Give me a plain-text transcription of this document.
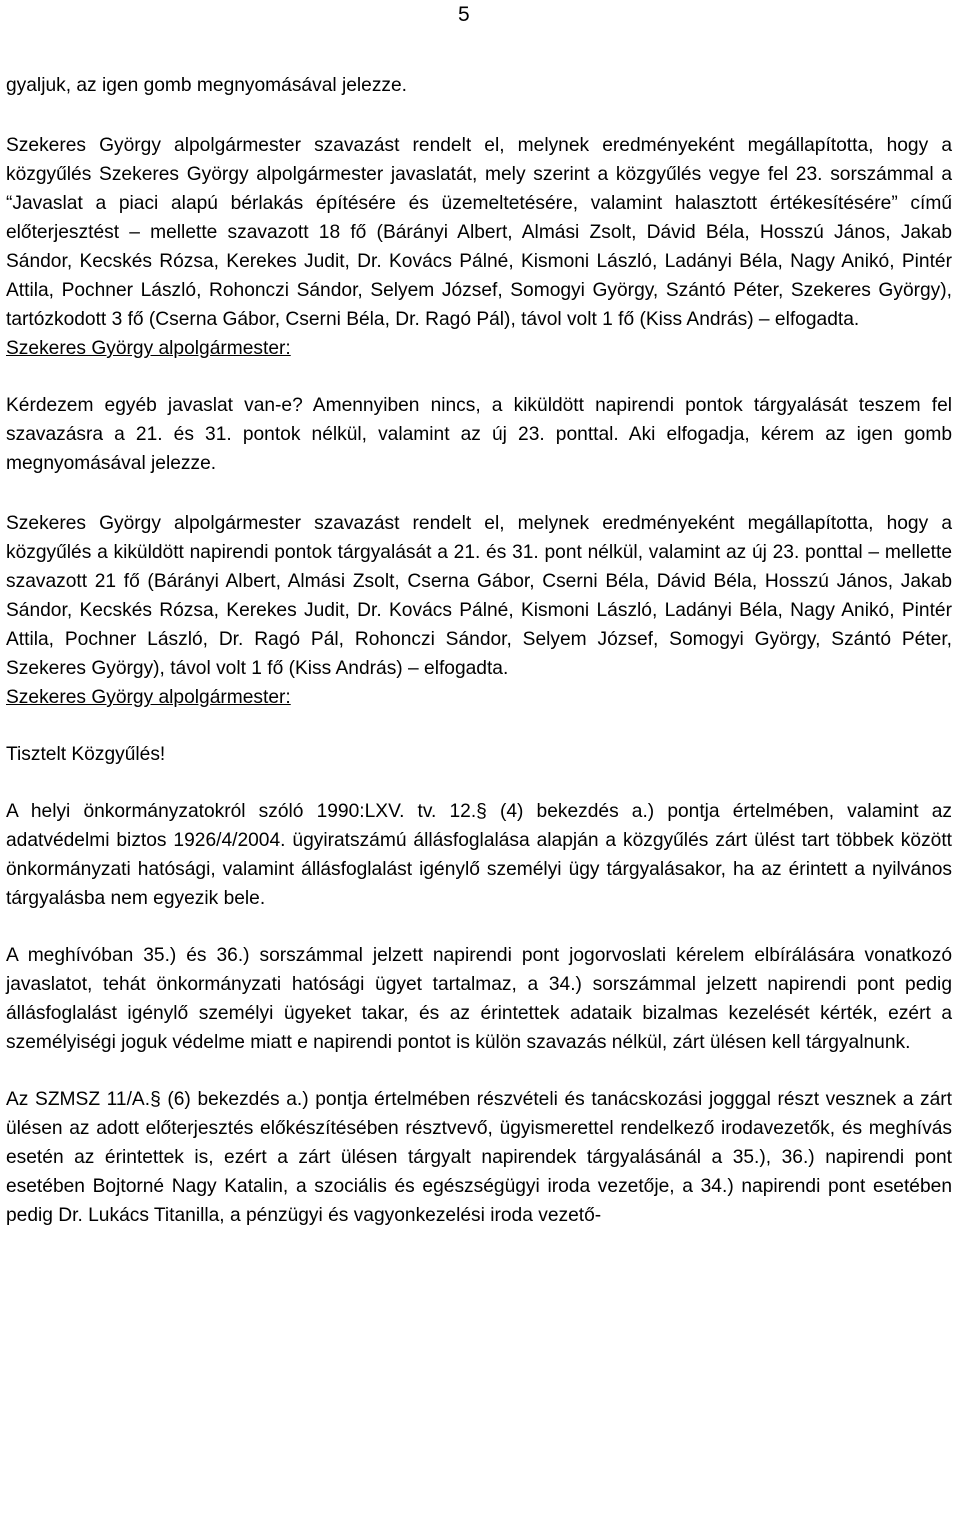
5

gyaljuk, az igen gomb megnyomásával jelezze.

Szekeres György alpolgármester szavazást rendelt el, melynek eredményeként megállapította, hogy a közgyűlés Szekeres György alpolgármester javaslatát, mely szerint a közgyűlés vegye fel 23. sorszámmal a “Javaslat a piaci alapú bérlakás építésére és üzemeltetésére, valamint halasztott értékesítésére” című előterjesztést – mellette szavazott 18 fő (Bárányi Albert, Almási Zsolt, Dávid Béla, Hosszú János, Jakab Sándor, Kecskés Rózsa, Kerekes Judit, Dr. Kovács Pálné, Kismoni László, Ladányi Béla, Nagy Anikó, Pintér Attila, Pochner László, Rohonczi Sándor, Selyem József, Somogyi György, Szántó Péter, Szekeres György), tartózkodott 3 fő (Cserna Gábor, Cserni Béla, Dr. Ragó Pál), távol volt 1 fő (Kiss András) – elfogadta.

Szekeres György alpolgármester:

Kérdezem egyéb javaslat van-e? Amennyiben nincs, a kiküldött napirendi pontok tárgyalását teszem fel szavazásra a 21. és 31. pontok nélkül, valamint az új 23. ponttal. Aki elfogadja, kérem az igen gomb megnyomásával jelezze.

Szekeres György alpolgármester szavazást rendelt el, melynek eredményeként megállapította, hogy a közgyűlés a kiküldött napirendi pontok tárgyalását a 21. és 31. pont nélkül, valamint az új 23. ponttal – mellette szavazott 21 fő (Bárányi Albert, Almási Zsolt, Cserna Gábor, Cserni Béla, Dávid Béla, Hosszú János, Jakab Sándor, Kecskés Rózsa, Kerekes Judit, Dr. Kovács Pálné, Kismoni László, Ladányi Béla, Nagy Anikó, Pintér Attila, Pochner László, Dr. Ragó Pál, Rohonczi Sándor, Selyem József, Somogyi György, Szántó Péter, Szekeres György), távol volt 1 fő (Kiss András) – elfogadta.

Szekeres György alpolgármester:

Tisztelt Közgyűlés!

A helyi önkormányzatokról szóló 1990:LXV. tv. 12.§ (4) bekezdés a.) pontja értelmében, valamint az adatvédelmi biztos 1926/4/2004. ügyiratszámú állásfoglalása alapján a közgyűlés zárt ülést tart többek között önkormányzati hatósági, valamint állásfoglalást igénylő személyi ügy tárgyalásakor, ha az érintett a nyilvános tárgyalásba nem egyezik bele.

A meghívóban 35.) és 36.) sorszámmal jelzett napirendi pont jogorvoslati kérelem elbírálására vonatkozó javaslatot, tehát önkormányzati hatósági ügyet tartalmaz, a 34.) sorszámmal jelzett napirendi pont pedig állásfoglalást igénylő személyi ügyeket takar, és az érintettek adataik bizalmas kezelését kérték, ezért a személyiségi joguk védelme miatt e napirendi pontot is külön szavazás nélkül, zárt ülésen kell tárgyalnunk.

Az SZMSZ 11/A.§ (6) bekezdés a.) pontja értelmében részvételi és tanácskozási jogggal részt vesznek a zárt ülésen az adott előterjesztés előkészítésében résztvevő, ügyismerettel rendelkező irodavezetők, és meghívás esetén az érintettek is, ezért a zárt ülésen tárgyalt napirendek tárgyalásánál a 35.), 36.) napirendi pont esetében Bojtorné Nagy Katalin, a szociális és egészségügyi iroda vezetője, a 34.) napirendi pont esetében pedig Dr. Lukács Titanilla, a pénzügyi és vagyonkezelési iroda vezető-
